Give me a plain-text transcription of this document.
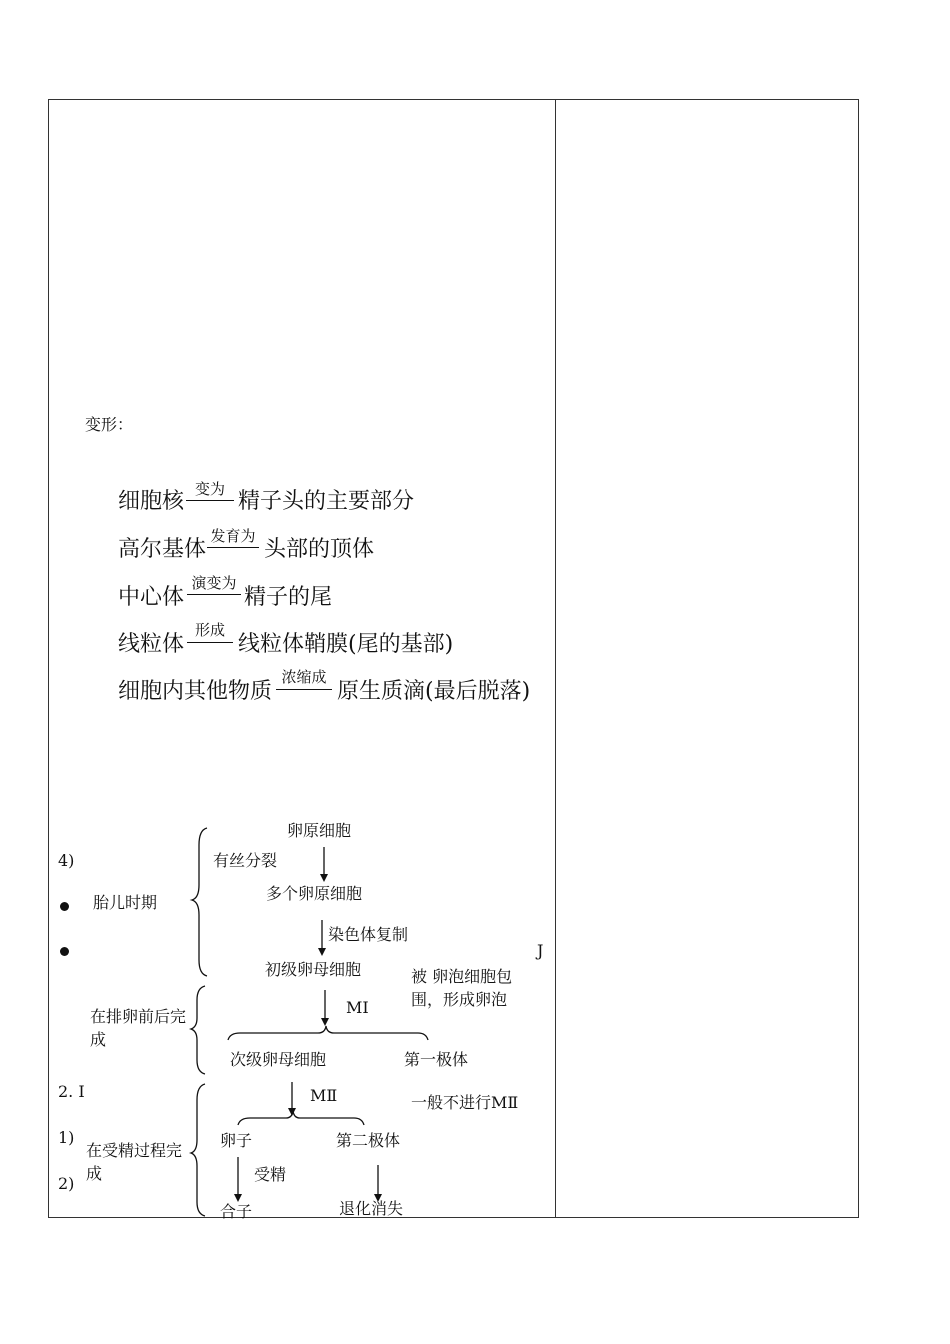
变形：
细胞核 变为 精子头的主要部分
高尔基体
发育为
头部的顶体
中心体
演变为
精子的尾
线粒体
形成
线粒体鞘膜(尾的基部)
细胞内其他物质
浓缩成
原生质滴(最后脱落)
4)
2. I
1)
2)
J
卵原细胞
有丝分裂
多个卵原细胞
染色体复制
初级卵母细胞	被 卵泡细胞包围，形成卵泡
MⅠ
次级卵母细胞	第一极体
MⅡ	一般不进行MⅡ
卵子	第二极体
受精
合子	退化消失
胎儿时期
在排卵前后完成
在受精过程完成
